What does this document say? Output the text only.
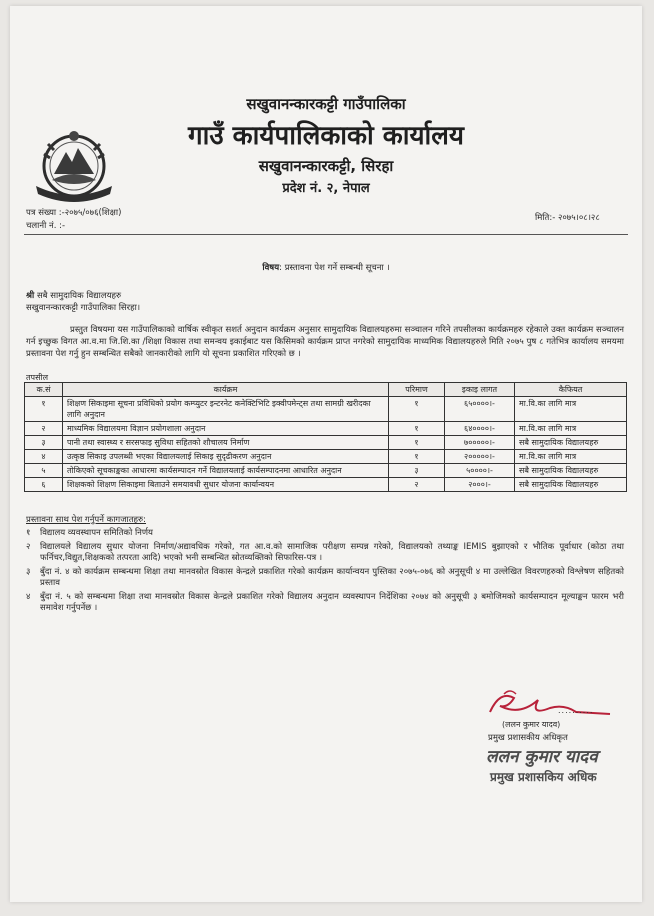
सखुवानन्कारकट्टी गाउँपालिका
गाउँ कार्यपालिकाको कार्यालय
सखुवानन्कारकट्टी, सिरहा
प्रदेश नं. २, नेपाल
पत्र संख्या :-२०७५/०७६(शिक्षा)
चलानी नं. :-
मिति:- २०७५।०८।२८
विषय: प्रस्तावना पेश गर्ने सम्बन्धी सूचना ।
श्री सबै सामुदायिक विद्यालयहरु
सखुवानन्कारकट्टी गाउँपालिका सिरहा।
प्रस्तुत विषयमा यस गाउँपालिकाको वार्षिक स्वीकृत सशर्त अनुदान कार्यक्रम अनुसार सामुदायिक विद्यालयहरुमा सञ्चालन गरिने तपसीलका कार्यक्रमहरु रहेकाले उक्त कार्यक्रम सञ्चालन गर्न इच्छुक विगत आ.व.मा जि.शि.का /शिक्षा विकास तथा समन्वय इकाईबाट यस किसिमको कार्यक्रम प्राप्त नगरेको सामुदायिक माध्यमिक विद्यालयहरुले मिति २०७५ पुष ८ गतेभित्र कार्यालय समयमा प्रस्तावना पेश गर्नु हुन सम्बन्धित सबैको जानकारीको लागि यो सूचना प्रकाशित गरिएको छ ।
तपसील
क.सं	कार्यक्रम	परिमाण	इकाइ लागत	कैफियत
१	शिक्षण सिकाइमा सूचना प्रविधिको प्रयोग कम्प्युटर इन्टरनेट कनेक्टिभिटि इक्वीपमेन्ट्स तथा सामग्री खरीदका लागि अनुदान	१	६५००००।-	मा.वि.का लागि मात्र
२	माध्यमिक विद्यालयमा विज्ञान प्रयोगशाला अनुदान	१	६४००००।-	मा.वि.का लागि मात्र
३	पानी तथा स्वास्थ्य र सरसफाइ सुविधा सहितको शौचालय निर्माण	१	७०००००।-	सबै सामुदायिक विद्यालयहरु
४	उत्कृष्ठ सिकाइ उपलब्धी भएका विद्यालयलाई सिकाइ सुदृढीकरण अनुदान	१	२०००००।-	मा.वि.का लागि मात्र
५	तोकिएको सूचकाङ्कका आधारमा कार्यसम्पादन गर्ने विद्यालयलाई कार्यसम्पादनमा आधारित अनुदान	३	५००००।-	सबै सामुदायिक विद्यालयहरु
६	शिक्षकको शिक्षण सिकाइमा बिताउने समयावधी सुधार योजना कार्यान्वयन	२	२०००।-	सबै सामुदायिक विद्यालयहरु
प्रस्तावना साथ पेश गर्नुपर्ने कागजातहरु:
१	विद्यालय व्यवस्थापन समितिको निर्णय
२	विद्यालयले विद्यालय सुधार योजना निर्माण/अद्यावधिक गरेको, गत आ.व.को सामाजिक परीक्षण सम्पन्न गरेको, विद्यालयको तथ्याङ्क IEMIS बुझाएको र भौतिक पूर्वाधार (कोठा तथा फर्निचर,विद्युत,शिक्षकको तत्परता आदि) भएको भनी सम्बन्धित स्रोतव्यक्तिको सिफारिस-पत्र ।
३	बुँदा नं. ४ को कार्यक्रम सम्बन्धमा शिक्षा तथा मानवस्रोत विकास केन्द्रले प्रकाशित गरेको कार्यक्रम कार्यान्वयन पुस्तिका २०७५-०७६ को अनुसूची ४ मा उल्लेखित विवरणहरुको विश्लेषण सहितको प्रस्ताव
४	बुँदा नं. ५ को सम्बन्धमा शिक्षा तथा मानवस्रोत विकास केन्द्रले प्रकाशित गरेको विद्यालय अनुदान व्यवस्थापन निर्देशिका २०७४ को अनुसूची ३ बमोजिमको कार्यसम्पादन मूल्याङ्कन फारम भरी समावेश गर्नुपर्नेछ ।
..........
(ललन कुमार यादव)
प्रमुख प्रशासकीय अधिकृत
ललन कुमार यादव
प्रमुख प्रशासकिय अधिक
